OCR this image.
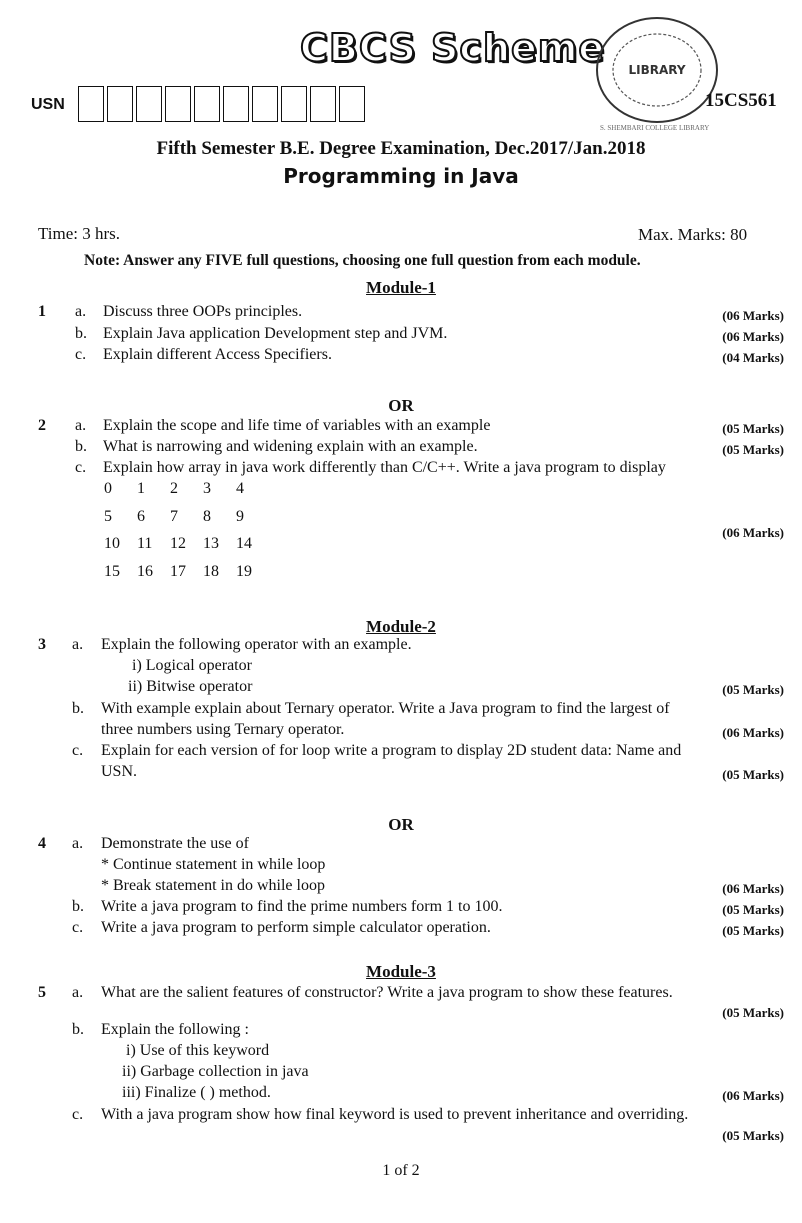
CBCS Scheme LIBRARY
S. SHEMBARI COLLEGE LIBRARY
USN	15CS561
Fifth Semester B.E. Degree Examination, Dec.2017/Jan.2018
Programming in Java
Time: 3 hrs.	Max. Marks: 80
Note: Answer any FIVE full questions, choosing one full question from each module.
Module-1
1 a. Discuss three OOPs principles.	(06 Marks)
b. Explain Java application Development step and JVM.	(06 Marks)
c. Explain different Access Specifiers.	(04 Marks)
OR
2 a. Explain the scope and life time of variables with an example	(05 Marks)
b. What is narrowing and widening explain with an example.	(05 Marks)
c. Explain how array in java work differently than C/C++. Write a java program to display
0	1	2	3	4
5	6	7	8	9
10	11	12	13	14
15	16	17	18	19
(06 Marks)
Module-2
3 a. Explain the following operator with an example.
i) Logical operator
ii) Bitwise operator	(05 Marks)
b. With example explain about Ternary operator. Write a Java program to find the largest of
three numbers using Ternary operator.	(06 Marks)
c. Explain for each version of for loop write a program to display 2D student data: Name and
USN.	(05 Marks)
OR
4 a. Demonstrate the use of
* Continue statement in while loop
* Break statement in do while loop	(06 Marks)
b. Write a java program to find the prime numbers form 1 to 100.	(05 Marks)
c. Write a java program to perform simple calculator operation.	(05 Marks)
Module-3
5 a. What are the salient features of constructor? Write a java program to show these features.
(05 Marks)
b. Explain the following :
i) Use of this keyword
ii) Garbage collection in java
iii) Finalize ( ) method.	(06 Marks)
c. With a java program show how final keyword is used to prevent inheritance and overriding.
(05 Marks)
1 of 2
